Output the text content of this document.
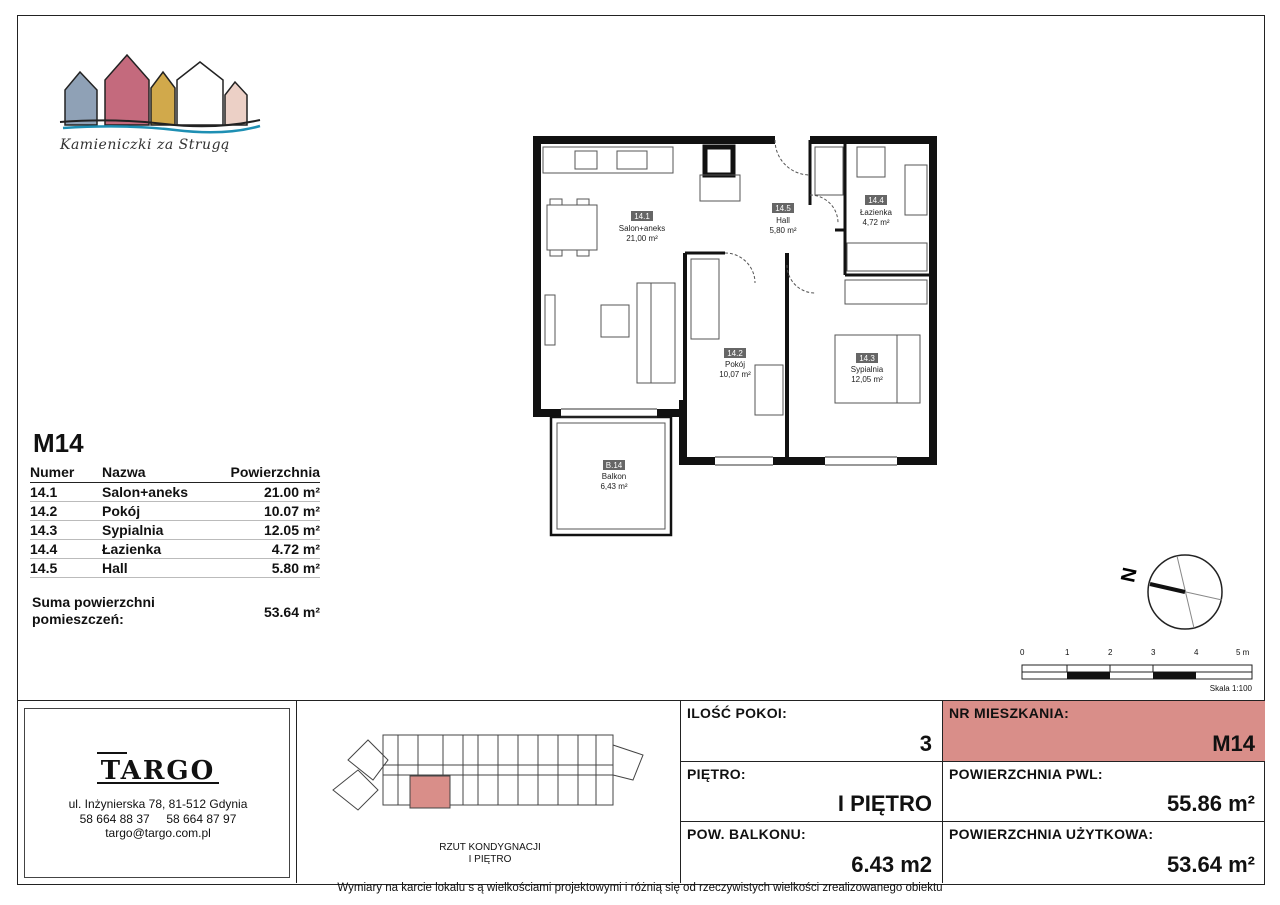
Kamieniczki za Strugą
14.1
Salon+aneks
21,00 m²
14.5
Hall
5,80 m²
14.4
Łazienka
4,72 m²
14.2
Pokój
10,07 m²
14.3
Sypialnia
12,05 m²
B.14
Balkon
6,43 m²
M14
Numer	Nazwa	Powierzchnia
14.1	Salon+aneks	21.00 m²
14.2	Pokój	10.07 m²
14.3	Sypialnia	12.05 m²
14.4	Łazienka	4.72 m²
14.5	Hall	5.80 m²
Suma powierzchni pomieszczeń:	53.64 m²
N
0	1	2	3	4	5 m
Skala 1:100
TARGO
ul. Inżynierska 78, 81-512 Gdynia
58 664 88 37     58 664 87 97
targo@targo.com.pl
RZUT KONDYGNACJI
I PIĘTRO
ILOŚĆ POKOI:
3
NR MIESZKANIA:
M14
PIĘTRO:
I PIĘTRO
POWIERZCHNIA PWL:
55.86 m²
POW. BALKONU:
6.43 m2
POWIERZCHNIA UŻYTKOWA:
53.64 m²
Wymiary na karcie lokalu s ą wielkościami projektowymi i różnią się od rzeczywistych wielkości zrealizowanego obiektu
